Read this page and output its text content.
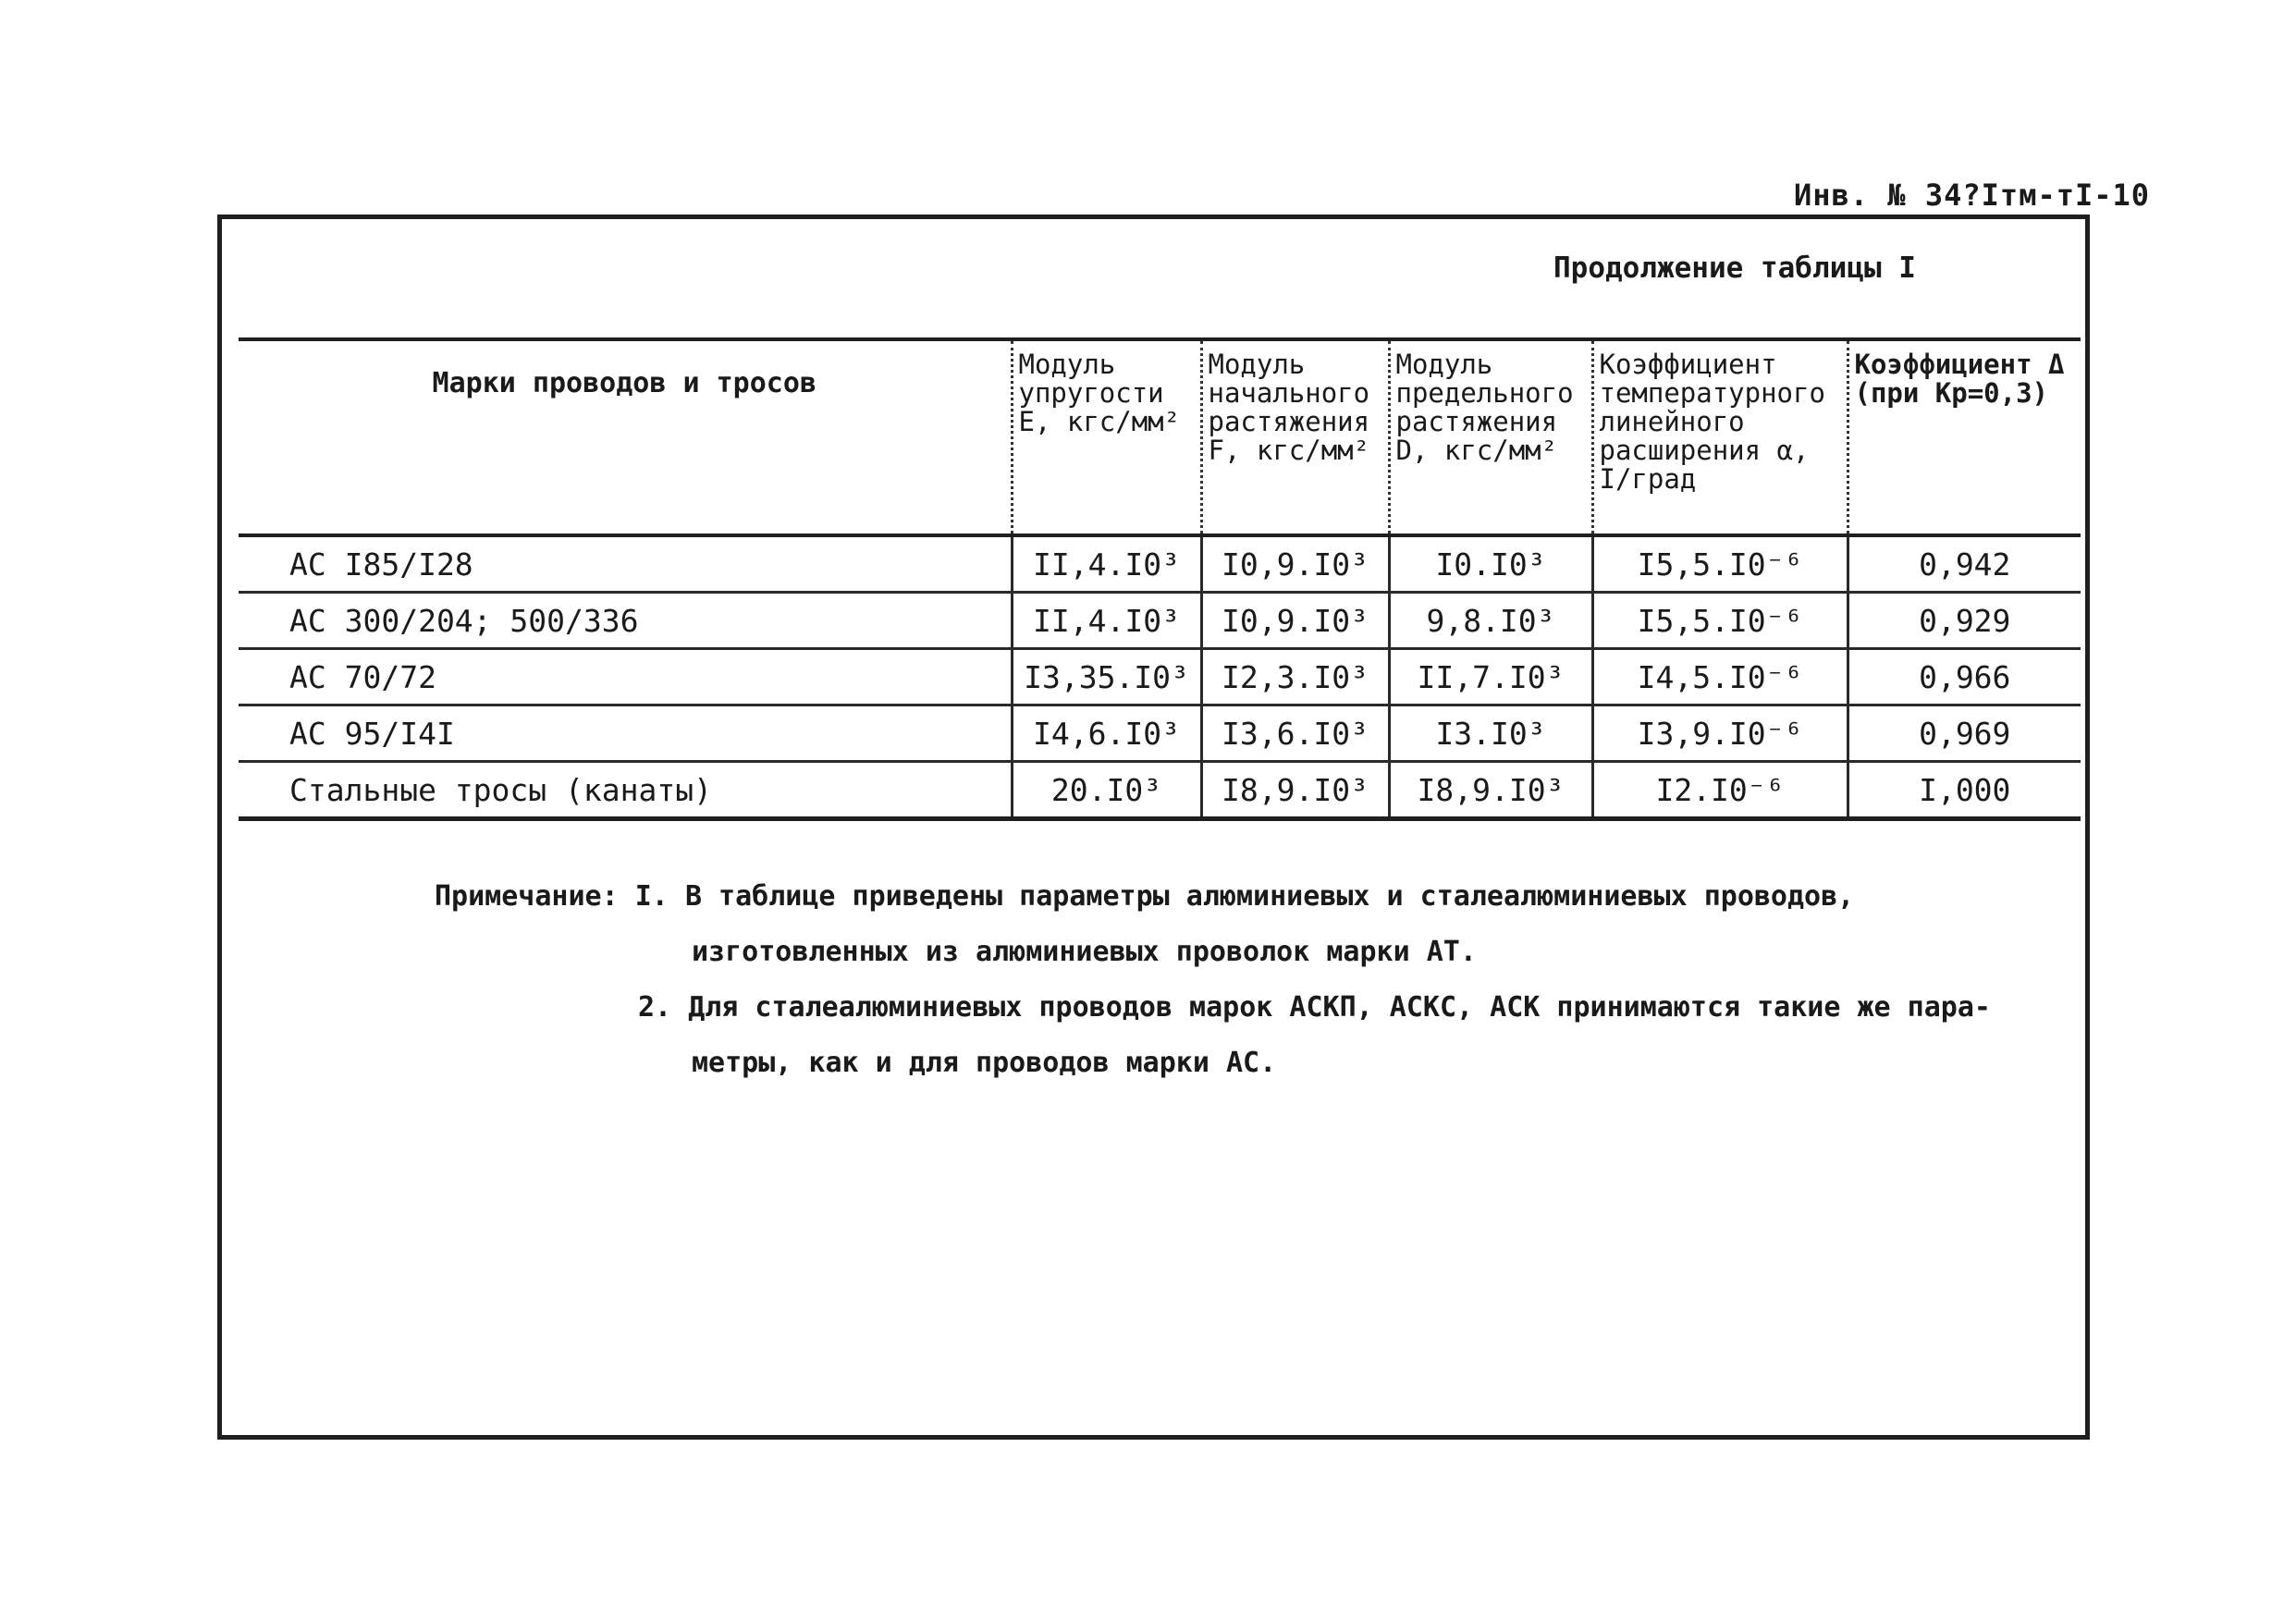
Инв. № 34?Iтм-тI-10
Продолжение таблицы I
Марки проводов и тросов	Модуль упругости E, кгс/мм²	Модуль начального растяжения F, кгс/мм²	Модуль предельного растяжения D, кгс/мм²	Коэффициент температурного линейного расширения α, I/град	Коэффициент Δ (при Kр=0,3)
АС I85/I28	II,4.I0³	I0,9.I0³	I0.I0³	I5,5.I0⁻⁶	0,942
АС 300/204; 500/336	II,4.I0³	I0,9.I0³	9,8.I0³	I5,5.I0⁻⁶	0,929
АС 70/72	I3,35.I0³	I2,3.I0³	II,7.I0³	I4,5.I0⁻⁶	0,966
АС 95/I4I	I4,6.I0³	I3,6.I0³	I3.I0³	I3,9.I0⁻⁶	0,969
Стальные тросы (канаты)	20.I0³	I8,9.I0³	I8,9.I0³	I2.I0⁻⁶	I,000
Примечание: I. В таблице приведены параметры алюминиевых и сталеалюминиевых проводов,
изготовленных из алюминиевых проволок марки АТ.
2. Для сталеалюминиевых проводов марок АСКП, АСКС, АСК принимаются такие же пара-
метры, как и для проводов марки АС.
